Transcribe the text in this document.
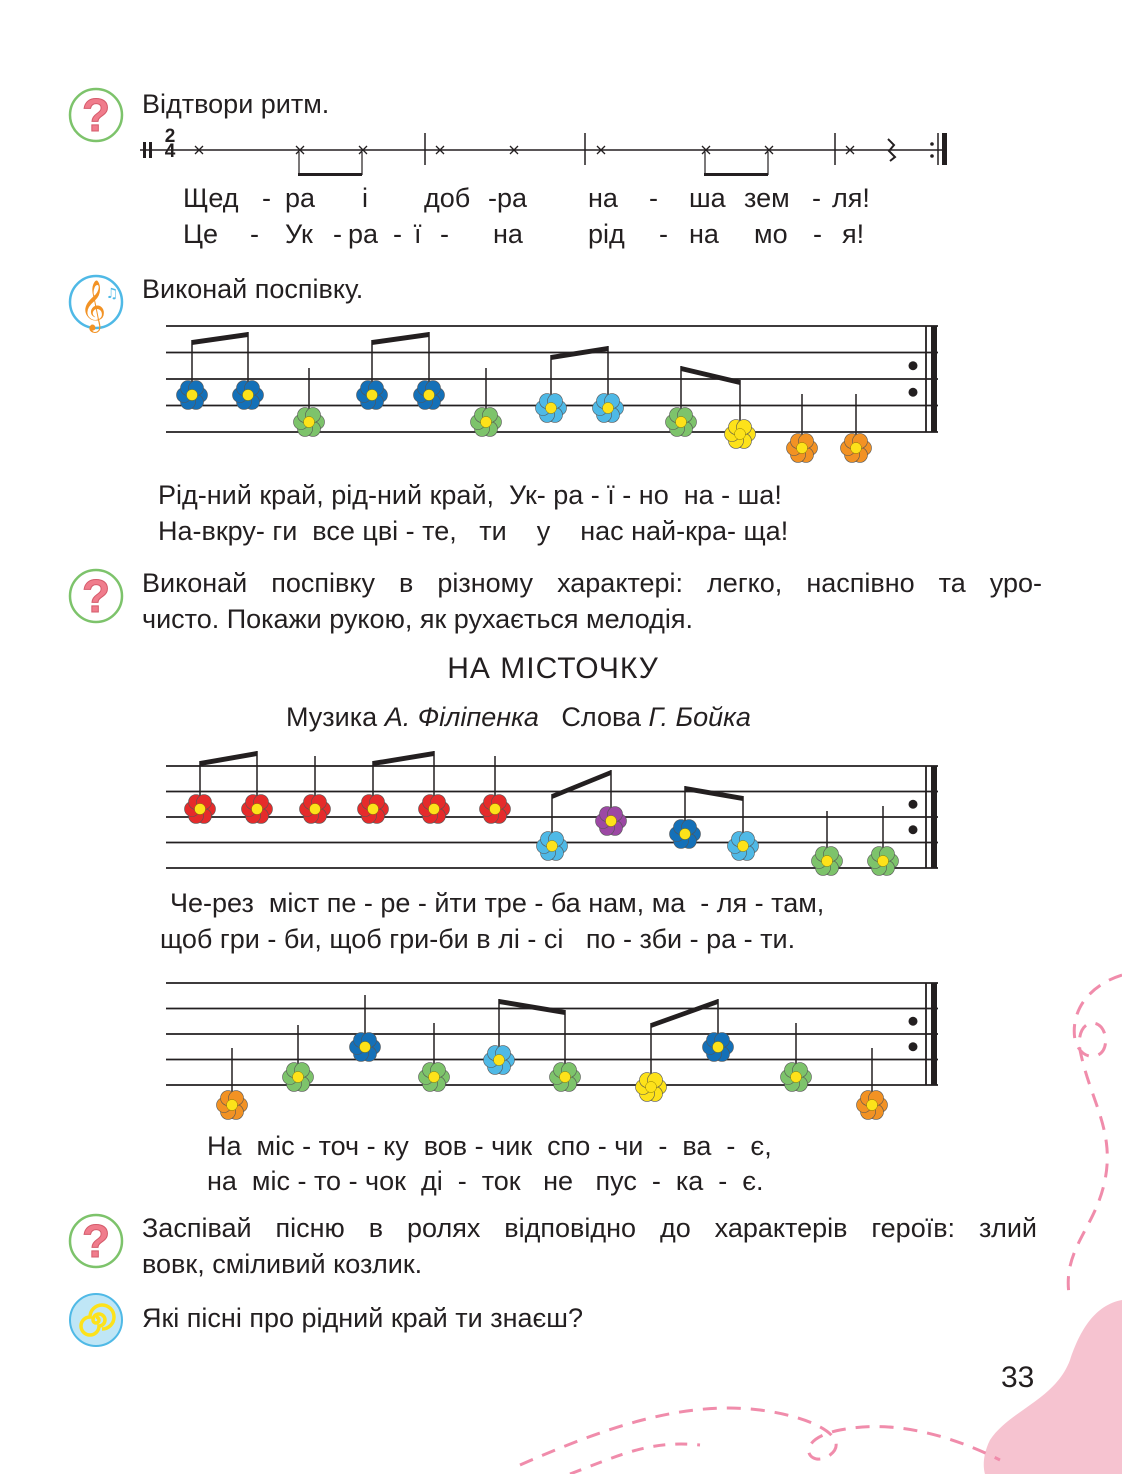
? Відтвори ритм.
2
4
Щед - ра і доб - ра на - ша зем - ля!
Це - Ук - ра - ї - на рід - на мо - я!
𝄞 ♫ Виконай поспівку.
Рід-ний край, рід-ний край,  Ук- ра - ї - но  на - ша!
На-вкру- ги  все цві - те,   ти    у    нас най-кра- ща!
? Виконай поспівку в різному характері: легко, наспівно та уро-
чисто. Покажи рукою, як рухається мелодія.
НА МІСТОЧКУ
Музика А. Філіпенка Слова Г. Бойка
Че-рез  міст пе - ре - йти тре - ба нам, ма  - ля - там,
щоб гри - би, щоб гри-би в лі - сі   по - зби - ра - ти.
На  міс - точ - ку  вов - чик  спо - чи  -  ва  -  є,
на  міс - то - чок  ді  -  ток   не   пус  -  ка  -  є.
? Заспівай пісню в ролях відповідно до характерів героїв: злий
вовк, сміливий козлик.
Які пісні про рідний край ти знаєш?
33
